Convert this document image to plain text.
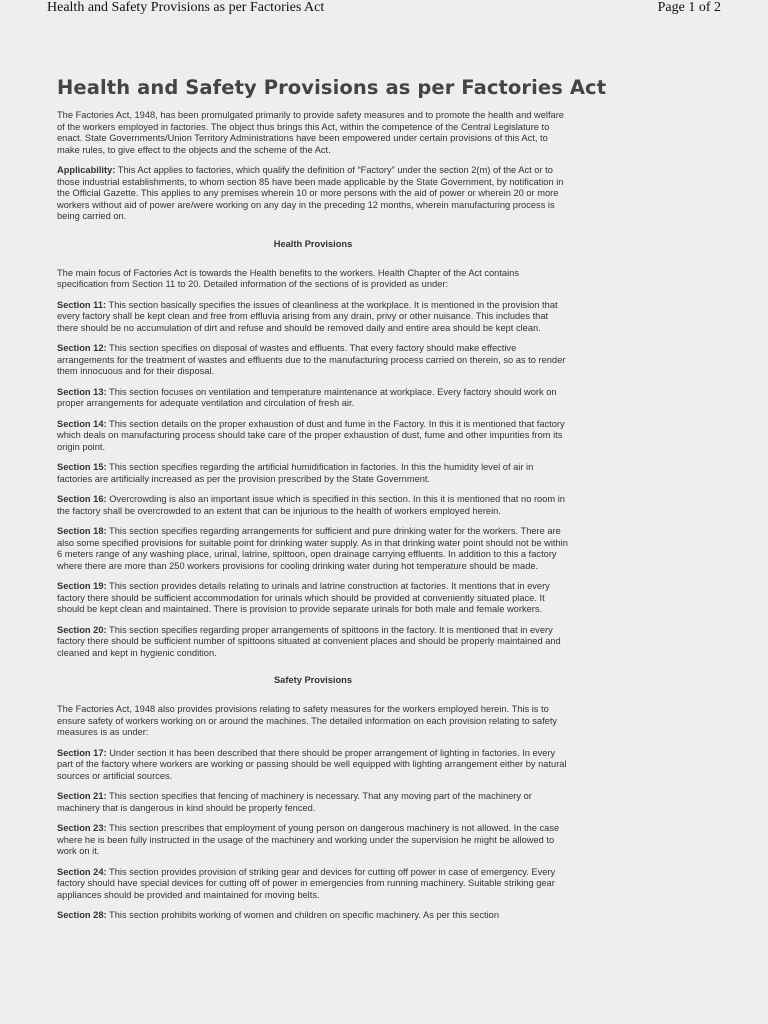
Health and Safety Provisions as per Factories Act	Page 1 of 2
Health and Safety Provisions as per Factories Act

The Factories Act, 1948, has been promulgated primarily to provide safety measures and to promote the health and welfare of the workers employed in factories. The object thus brings this Act, within the competence of the Central Legislature to enact. State Governments/Union Territory Administrations have been empowered under certain provisions of this Act, to make rules, to give effect to the objects and the scheme of the Act.

Applicability: This Act applies to factories, which qualify the definition of “Factory” under the section 2(m) of the Act or to those industrial establishments, to whom section 85 have been made applicable by the State Government, by notification in the Official Gazette. This applies to any premises wherein 10 or more persons with the aid of power or wherein 20 or more workers without aid of power are/were working on any day in the preceding 12 months, wherein manufacturing process is being carried on.

Health Provisions

The main focus of Factories Act is towards the Health benefits to the workers. Health Chapter of the Act contains specification from Section 11 to 20. Detailed information of the sections of is provided as under:

Section 11: This section basically specifies the issues of cleanliness at the workplace. It is mentioned in the provision that every factory shall be kept clean and free from effluvia arising from any drain, privy or other nuisance. This includes that there should be no accumulation of dirt and refuse and should be removed daily and entire area should be kept clean.

Section 12: This section specifies on disposal of wastes and effluents. That every factory should make effective arrangements for the treatment of wastes and effluents due to the manufacturing process carried on therein, so as to render them innocuous and for their disposal.

Section 13: This section focuses on ventilation and temperature maintenance at workplace. Every factory should work on proper arrangements for adequate ventilation and circulation of fresh air.

Section 14: This section details on the proper exhaustion of dust and fume in the Factory. In this it is mentioned that factory which deals on manufacturing process should take care of the proper exhaustion of dust, fume and other impurities from its origin point.

Section 15: This section specifies regarding the artificial humidification in factories. In this the humidity level of air in factories are artificially increased as per the provision prescribed by the State Government.

Section 16: Overcrowding is also an important issue which is specified in this section. In this it is mentioned that no room in the factory shall be overcrowded to an extent that can be injurious to the health of workers employed herein.

Section 18: This section specifies regarding arrangements for sufficient and pure drinking water for the workers. There are also some specified provisions for suitable point for drinking water supply. As in that drinking water point should not be within 6 meters range of any washing place, urinal, latrine, spittoon, open drainage carrying effluents. In addition to this a factory where there are more than 250 workers provisions for cooling drinking water during hot temperature should be made.

Section 19: This section provides details relating to urinals and latrine construction at factories. It mentions that in every factory there should be sufficient accommodation for urinals which should be provided at conveniently situated place. It should be kept clean and maintained. There is provision to provide separate urinals for both male and female workers.

Section 20: This section specifies regarding proper arrangements of spittoons in the factory. It is mentioned that in every factory there should be sufficient number of spittoons situated at convenient places and should be properly maintained and cleaned and kept in hygienic condition.

Safety Provisions

The Factories Act, 1948 also provides provisions relating to safety measures for the workers employed herein. This is to ensure safety of workers working on or around the machines. The detailed information on each provision relating to safety measures is as under:

Section 17: Under section it has been described that there should be proper arrangement of lighting in factories. In every part of the factory where workers are working or passing should be well equipped with lighting arrangement either by natural sources or artificial sources.

Section 21: This section specifies that fencing of machinery is necessary. That any moving part of the machinery or machinery that is dangerous in kind should be properly fenced.

Section 23: This section prescribes that employment of young person on dangerous machinery is not allowed. In the case where he is been fully instructed in the usage of the machinery and working under the supervision he might be allowed to work on it.

Section 24: This section provides provision of striking gear and devices for cutting off power in case of emergency. Every factory should have special devices for cutting off of power in emergencies from running machinery. Suitable striking gear appliances should be provided and maintained for moving belts.

Section 28: This section prohibits working of women and children on specific machinery. As per this section
